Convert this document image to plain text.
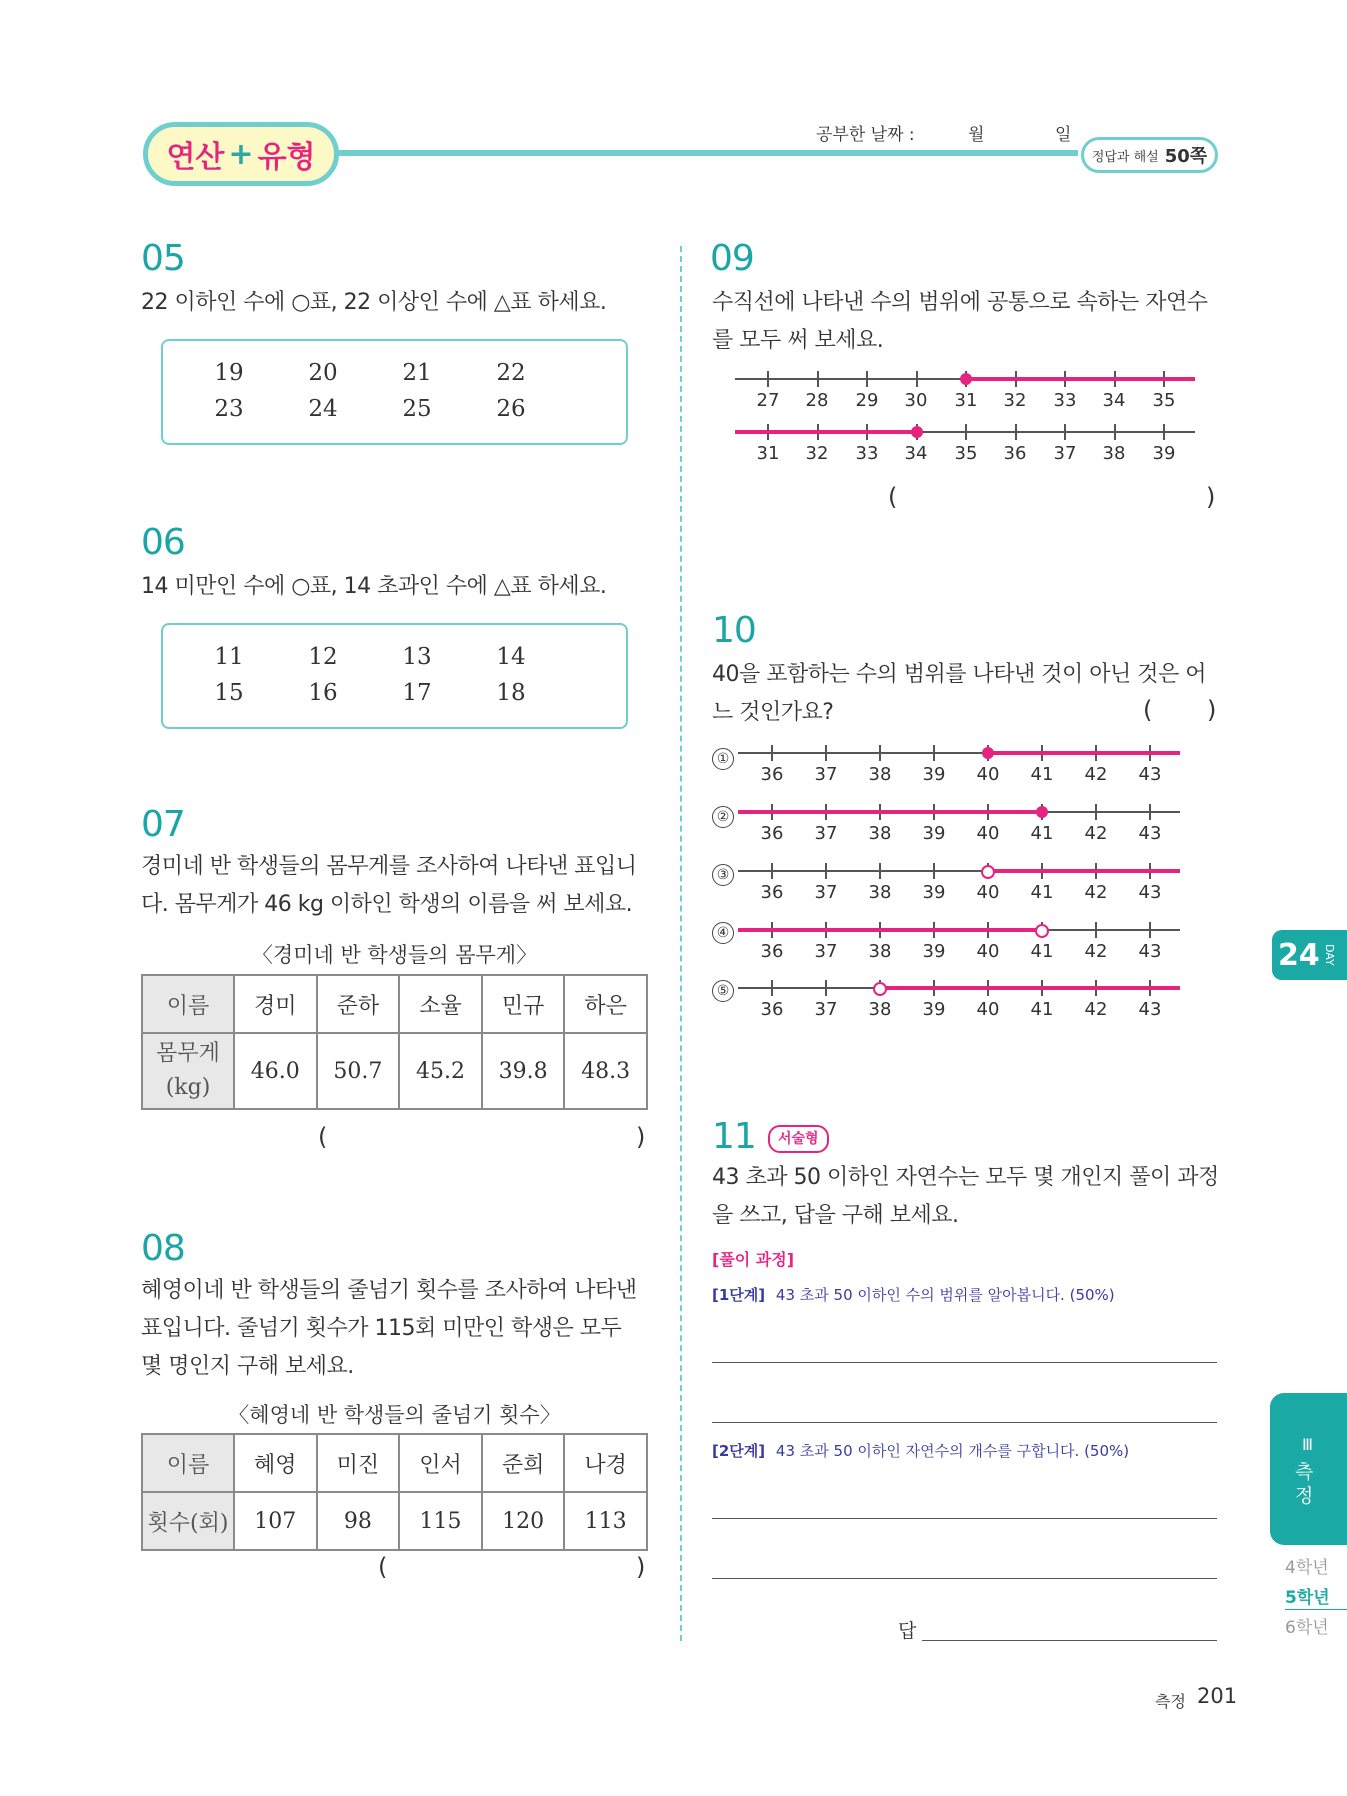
연산 + 유형
공부한 날짜 :	월	일
정답과 해설 50쪽
05
22 이하인 수에 ○표, 22 이상인 수에 △표 하세요.
19	20	21	22
23	24	25	26
06
14 미만인 수에 ○표, 14 초과인 수에 △표 하세요.
11	12	13	14
15	16	17	18
07
경미네 반 학생들의 몸무게를 조사하여 나타낸 표입니
다. 몸무게가 46 kg 이하인 학생의 이름을 써 보세요.
〈경미네 반 학생들의 몸무게〉
이름	경미	준하	소율	민규	하은

몸무게
(kg)	46.0	50.7	45.2	39.8	48.3
(	)
08
혜영이네 반 학생들의 줄넘기 횟수를 조사하여 나타낸
표입니다. 줄넘기 횟수가 115회 미만인 학생은 모두
몇 명인지 구해 보세요.
〈혜영네 반 학생들의 줄넘기 횟수〉
이름	혜영	미진	인서	준희	나경
횟수(회)	107	98	115	120	113
(	)
09
수직선에 나타낸 수의 범위에 공통으로 속하는 자연수
를 모두 써 보세요.
27	28	29	30	31	32	33	34	35
31	32	33	34	35	36	37	38	39
(	)
10
40을 포함하는 수의 범위를 나타낸 것이 아닌 것은 어
느 것인가요?	( )
①
②
③
④
⑤
11	서술형
43 초과 50 이하인 자연수는 모두 몇 개인지 풀이 과정
을 쓰고, 답을 구해 보세요.
[풀이 과정]
[1단계] 43 초과 50 이하인 수의 범위를 알아봅니다. (50%)
[2단계] 43 초과 50 이하인 자연수의 개수를 구합니다. (50%)
답
24 DAY
Ⅲ
측
정
4학년
5학년
6학년
측정 201
36	37	38	39	40	41	42	43
36	37	38	39	40	41	42	43
36	37	38	39	40	41	42	43
36	37	38	39	40	41	42	43
36	37	38	39	40	41	42	43
